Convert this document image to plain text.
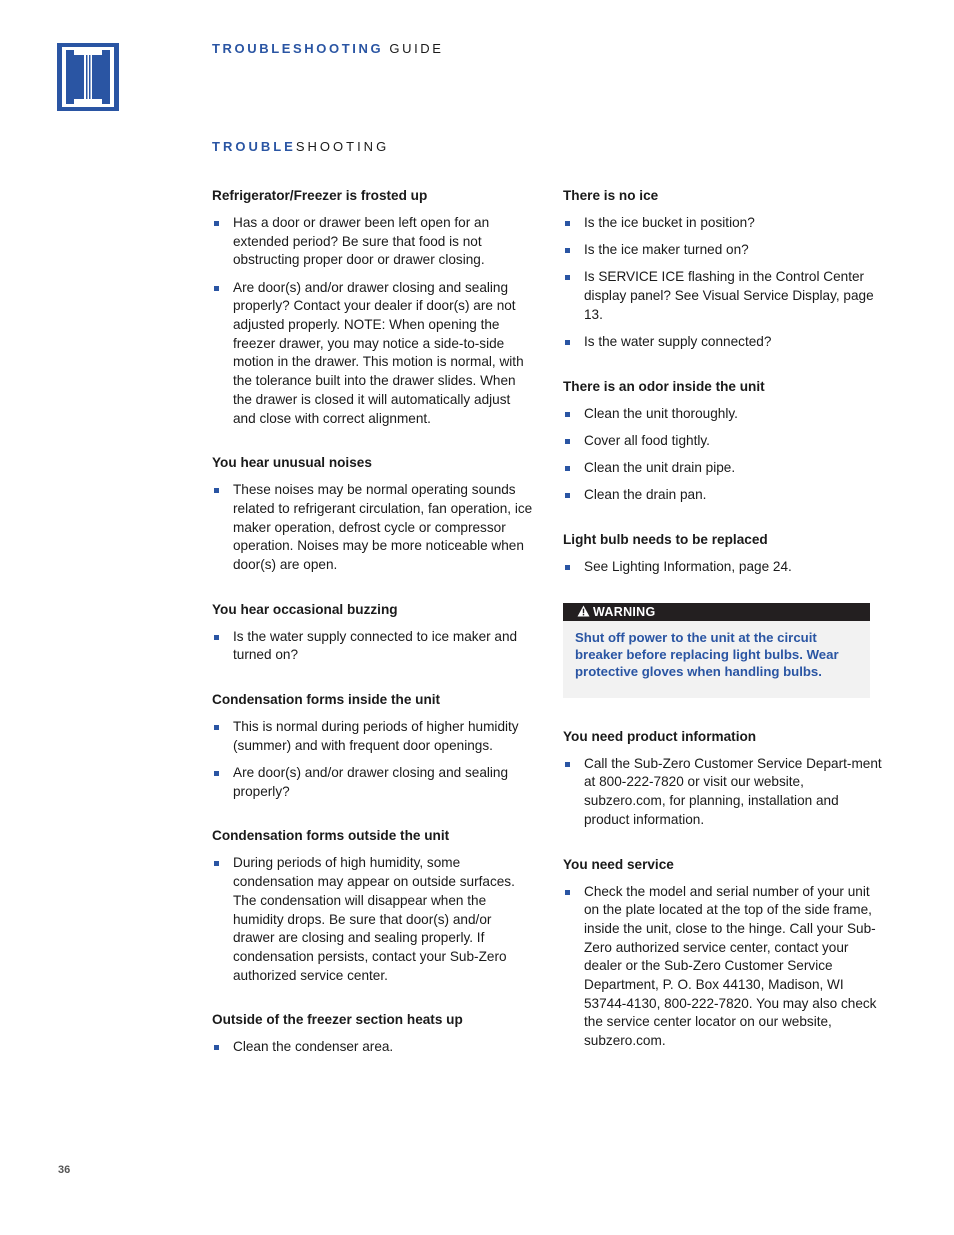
TROUBLESHOOTING GUIDE
TROUBLESHOOTING
Refrigerator/Freezer is frosted up
Has a door or drawer been left open for an extended period? Be sure that food is not obstructing proper door or drawer closing.
Are door(s) and/or drawer closing and sealing properly? Contact your dealer if door(s) are not adjusted properly. NOTE: When opening the freezer drawer, you may notice a side-to-side motion in the drawer. This motion is normal, with the tolerance built into the drawer slides. When the drawer is closed it will automatically adjust and close with correct alignment.
You hear unusual noises
These noises may be normal operating sounds related to refrigerant circulation, fan operation, ice maker operation, defrost cycle or compressor operation. Noises may be more noticeable when door(s) are open.
You hear occasional buzzing
Is the water supply connected to ice maker and turned on?
Condensation forms inside the unit
This is normal during periods of higher humidity (summer) and with frequent door openings.
Are door(s) and/or drawer closing and sealing properly?
Condensation forms outside the unit
During periods of high humidity, some condensation may appear on outside surfaces. The condensation will disappear when the humidity drops. Be sure that door(s) and/or drawer are closing and sealing properly. If condensation persists, contact your Sub-Zero authorized service center.
Outside of the freezer section heats up
Clean the condenser area.
There is no ice
Is the ice bucket in position?
Is the ice maker turned on?
Is SERVICE ICE flashing in the Control Center display panel? See Visual Service Display, page 13.
Is the water supply connected?
There is an odor inside the unit
Clean the unit thoroughly.
Cover all food tightly.
Clean the unit drain pipe.
Clean the drain pan.
Light bulb needs to be replaced
See Lighting Information, page 24.
WARNING
Shut off power to the unit at the circuit breaker before replacing light bulbs. Wear protective gloves when handling bulbs.
You need product information
Call the Sub-Zero Customer Service Depart-ment at 800-222-7820 or visit our website, subzero.com, for planning, installation and product information.
You need service
Check the model and serial number of your unit on the plate located at the top of the side frame, inside the unit, close to the hinge. Call your Sub-Zero authorized service center, contact your dealer or the Sub-Zero Customer Service Department, P. O. Box 44130, Madison, WI 53744-4130, 800-222-7820. You may also check the service center locator on our website, subzero.com.
36
